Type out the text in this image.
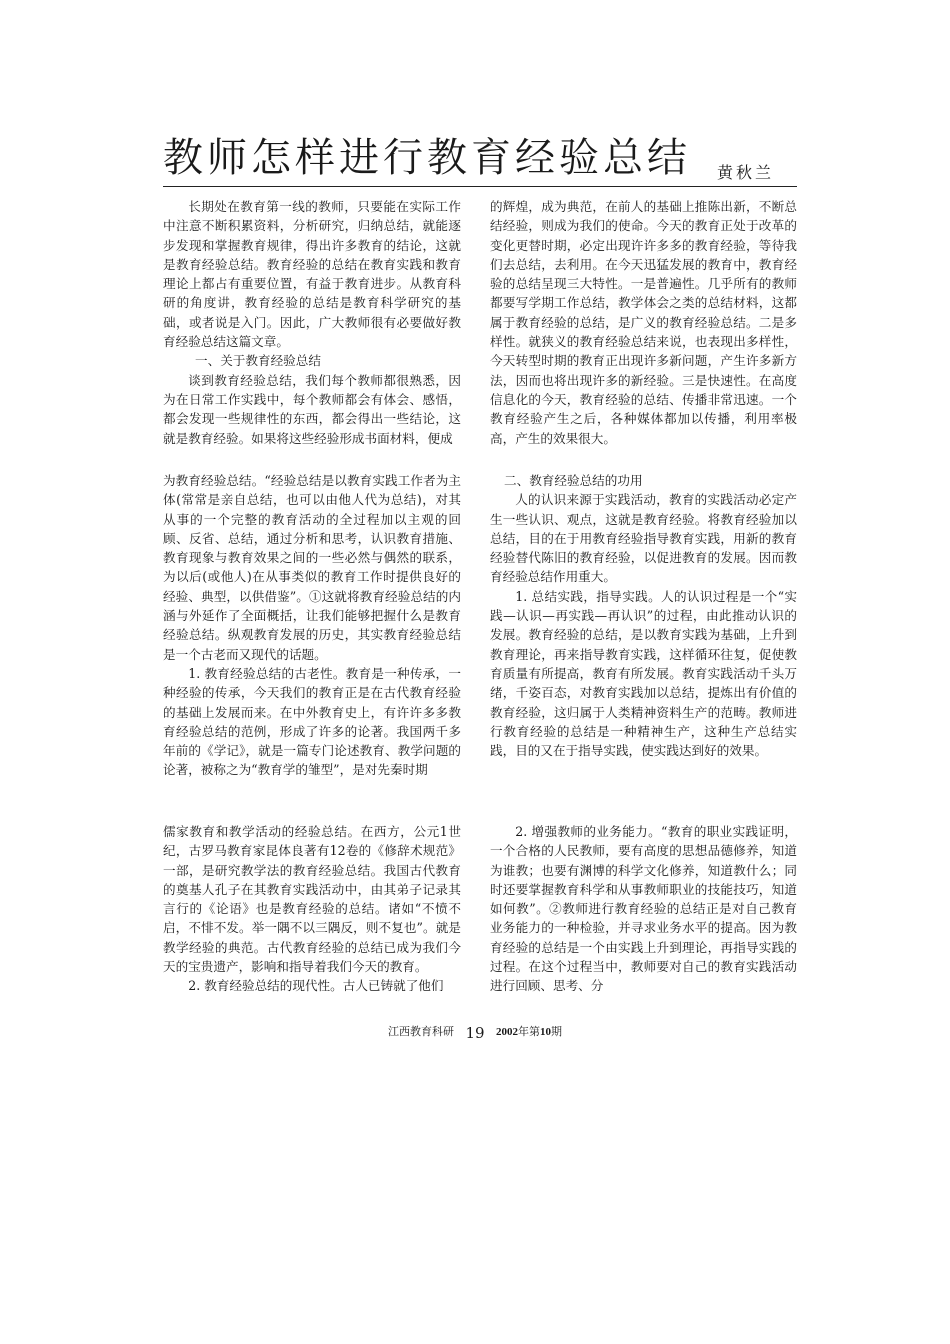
教师怎样进行教育经验总结 黄秋兰

长期处在教育第一线的教师，只要能在实际工作中注意不断积累资料，分析研究，归纳总结，就能逐步发现和掌握教育规律，得出许多教育的结论，这就是教育经验总结。教育经验的总结在教育实践和教育理论上都占有重要位置，有益于教育进步。从教育科研的角度讲，教育经验的总结是教育科学研究的基础，或者说是入门。因此，广大教师很有必要做好教育经验总结这篇文章。

一、关于教育经验总结

谈到教育经验总结，我们每个教师都很熟悉，因为在日常工作实践中，每个教师都会有体会、感悟，都会发现一些规律性的东西，都会得出一些结论，这就是教育经验。如果将这些经验形成书面材料，便成

的辉煌，成为典范，在前人的基础上推陈出新，不断总结经验，则成为我们的使命。今天的教育正处于改革的变化更替时期，必定出现许许多多的教育经验，等待我们去总结，去利用。在今天迅猛发展的教育中，教育经验的总结呈现三大特性。一是普遍性。几乎所有的教师都要写学期工作总结，教学体会之类的总结材料，这都属于教育经验的总结，是广义的教育经验总结。二是多样性。就狭义的教育经验总结来说，也表现出多样性，今天转型时期的教育正出现许多新问题，产生许多新方法，因而也将出现许多的新经验。三是快速性。在高度信息化的今天，教育经验的总结、传播非常迅速。一个教育经验产生之后，各种媒体都加以传播，利用率极高，产生的效果很大。

为教育经验总结。“经验总结是以教育实践工作者为主体(常常是亲自总结，也可以由他人代为总结)，对其从事的一个完整的教育活动的全过程加以主观的回顾、反省、总结，通过分析和思考，认识教育措施、教育现象与教育效果之间的一些必然与偶然的联系，为以后(或他人)在从事类似的教育工作时提供良好的经验、典型，以供借鉴”。①这就将教育经验总结的内涵与外延作了全面概括，让我们能够把握什么是教育经验总结。纵观教育发展的历史，其实教育经验总结是一个古老而又现代的话题。

1. 教育经验总结的古老性。教育是一种传承，一种经验的传承，今天我们的教育正是在古代教育经验的基础上发展而来。在中外教育史上，有许许多多教育经验总结的范例，形成了许多的论著。我国两千多年前的《学记》，就是一篇专门论述教育、教学问题的论著，被称之为“教育学的雏型”，是对先秦时期

二、教育经验总结的功用

人的认识来源于实践活动，教育的实践活动必定产生一些认识、观点，这就是教育经验。将教育经验加以总结，目的在于用教育经验指导教育实践，用新的教育经验替代陈旧的教育经验，以促进教育的发展。因而教育经验总结作用重大。

1. 总结实践，指导实践。人的认识过程是一个“实践—认识—再实践—再认识”的过程，由此推动认识的发展。教育经验的总结，是以教育实践为基础，上升到教育理论，再来指导教育实践，这样循环往复，促使教育质量有所提高，教育有所发展。教育实践活动千头万绪，千姿百态，对教育实践加以总结，提炼出有价值的教育经验，这归属于人类精神资料生产的范畴。教师进行教育经验的总结是一种精神生产，这种生产总结实践，目的又在于指导实践，使实践达到好的效果。

儒家教育和教学活动的经验总结。在西方，公元1世纪，古罗马教育家昆体良著有12卷的《修辞术规范》一部，是研究教学法的教育经验总结。我国古代教育的奠基人孔子在其教育实践活动中，由其弟子记录其言行的《论语》也是教育经验的总结。诸如“不愤不启，不悱不发。举一隅不以三隅反，则不复也”。就是教学经验的典范。古代教育经验的总结已成为我们今天的宝贵遗产，影响和指导着我们今天的教育。

2. 教育经验总结的现代性。古人已铸就了他们

2. 增强教师的业务能力。“教育的职业实践证明，一个合格的人民教师，要有高度的思想品德修养，知道为谁教；也要有渊博的科学文化修养，知道教什么；同时还要掌握教育科学和从事教师职业的技能技巧，知道如何教”。②教师进行教育经验的总结正是对自己教育业务能力的一种检验，并寻求业务水平的提高。因为教育经验的总结是一个由实践上升到理论，再指导实践的过程。在这个过程当中，教师要对自己的教育实践活动进行回顾、思考、分

江西教育科研 19 2002年第10期
